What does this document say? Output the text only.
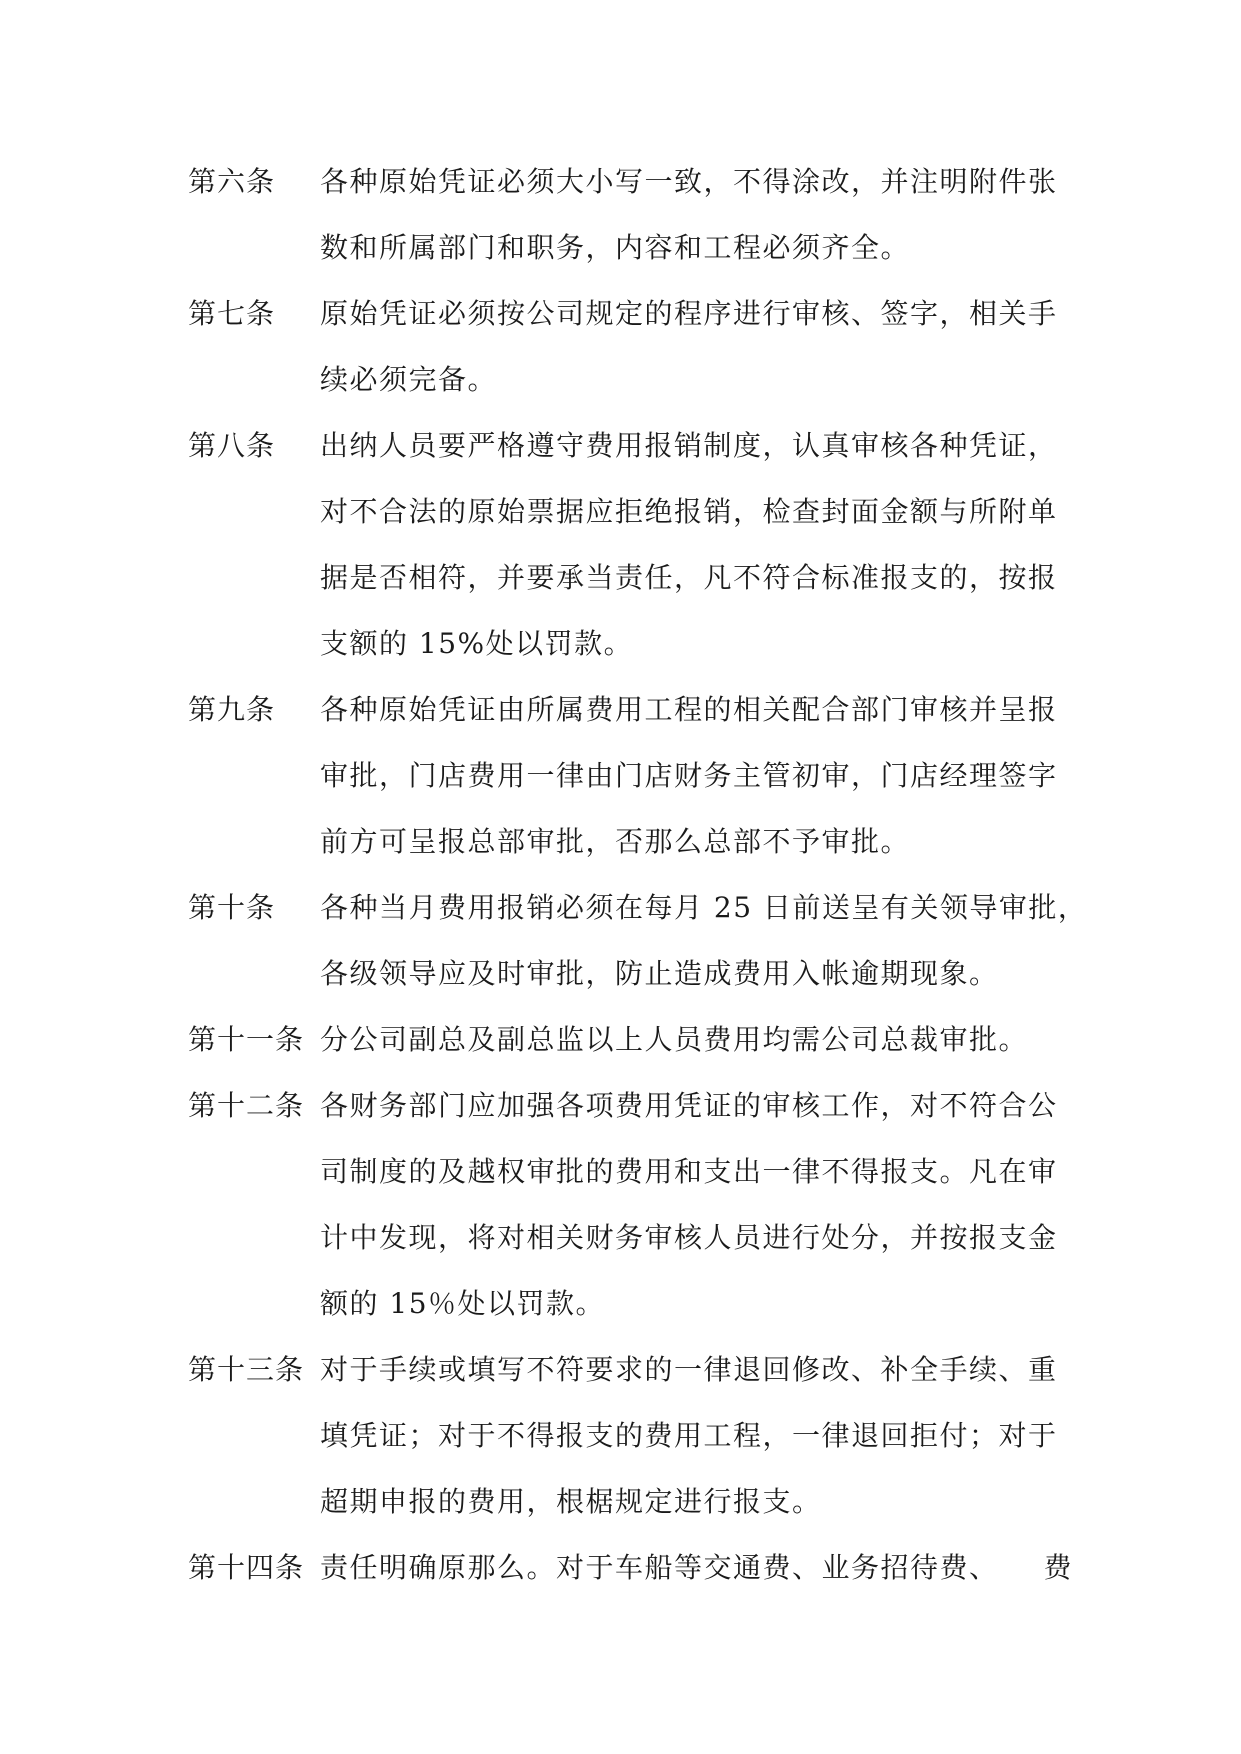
第六条 各种原始凭证必须大小写一致，不得涂改，并注明附件张
数和所属部门和职务，内容和工程必须齐全。
第七条 原始凭证必须按公司规定的程序进行审核、签字，相关手
续必须完备。
第八条 出纳人员要严格遵守费用报销制度，认真审核各种凭证，
对不合法的原始票据应拒绝报销，检查封面金额与所附单
据是否相符，并要承当责任，凡不符合标准报支的，按报
支额的 15%处以罚款。
第九条 各种原始凭证由所属费用工程的相关配合部门审核并呈报
审批，门店费用一律由门店财务主管初审，门店经理签字
前方可呈报总部审批，否那么总部不予审批。
第十条 各种当月费用报销必须在每月 25 日前送呈有关领导审批，
各级领导应及时审批，防止造成费用入帐逾期现象。
第十一条 分公司副总及副总监以上人员费用均需公司总裁审批。
第十二条 各财务部门应加强各项费用凭证的审核工作，对不符合公
司制度的及越权审批的费用和支出一律不得报支。凡在审
计中发现，将对相关财务审核人员进行处分，并按报支金
额的 15％处以罚款。
第十三条 对于手续或填写不符要求的一律退回修改、补全手续、重
填凭证；对于不得报支的费用工程，一律退回拒付；对于
超期申报的费用，根椐规定进行报支。
第十四条 责任明确原那么。对于车船等交通费、业务招待费、　　费
